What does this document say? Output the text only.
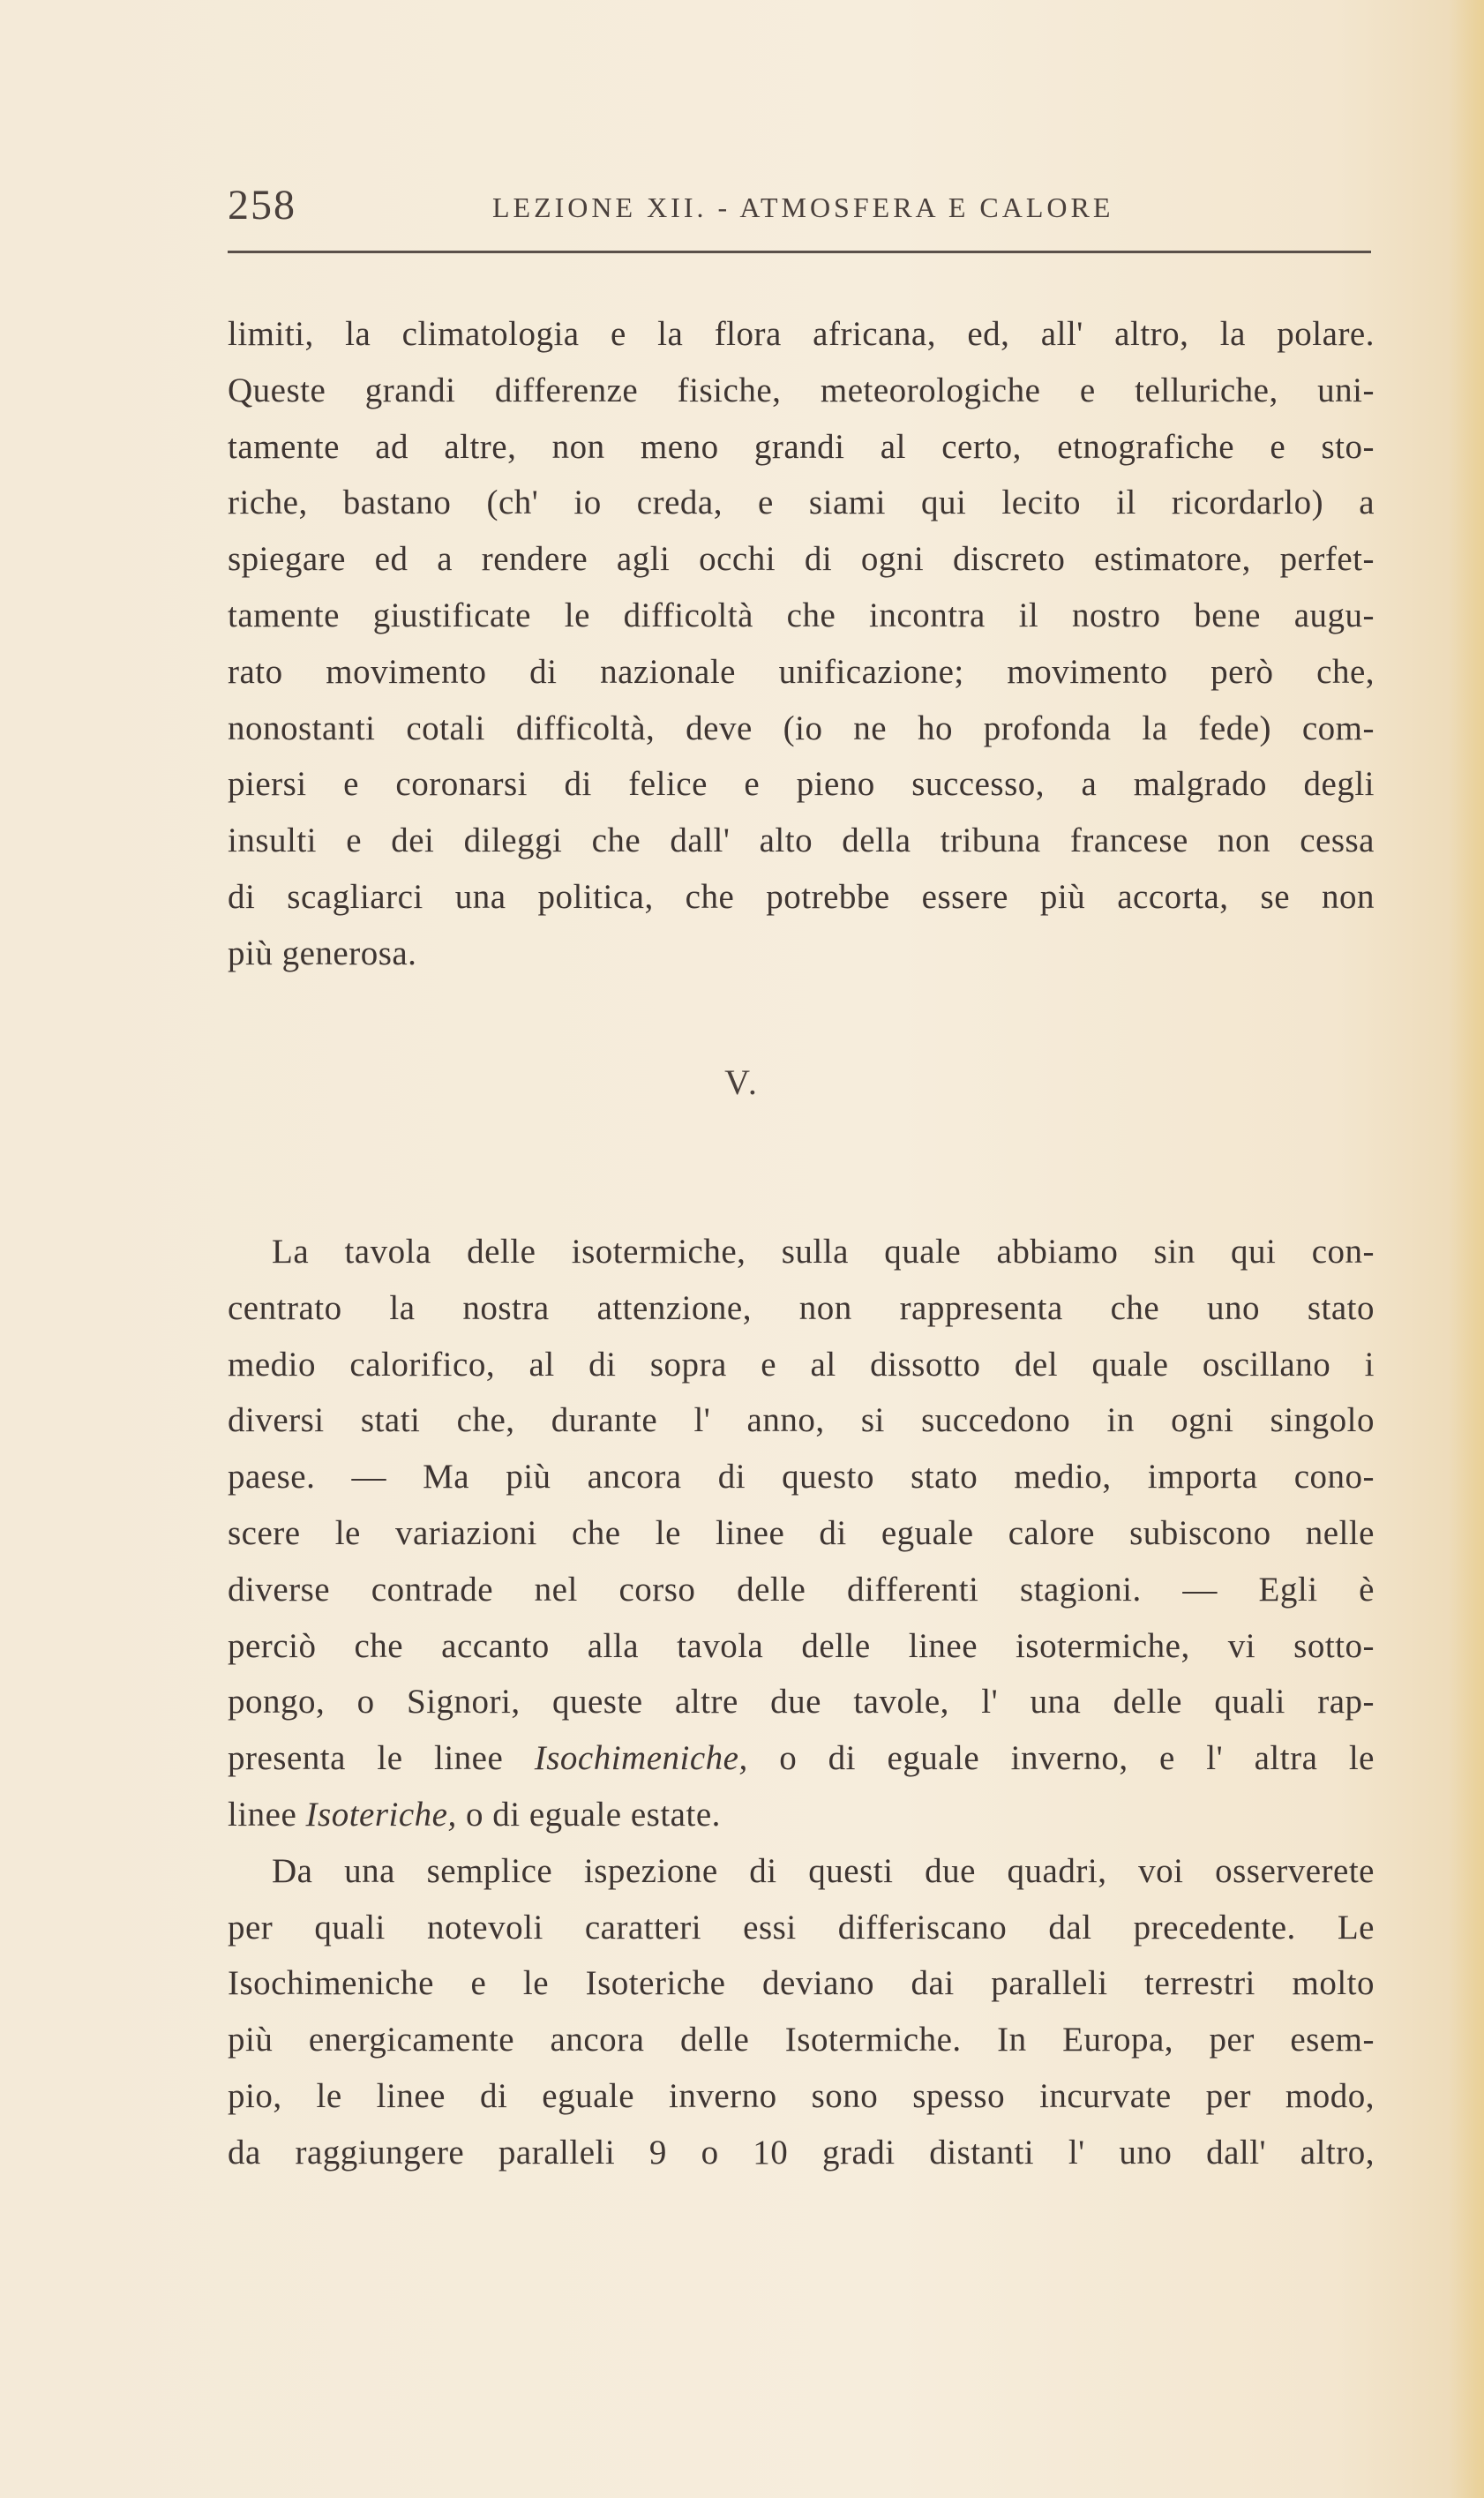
258	LEZIONE XII. - ATMOSFERA E CALORE
limiti, la climatologia e la flora africana, ed, all' altro, la polare.
Queste grandi differenze fisiche, meteorologiche e telluriche, uni-
tamente ad altre, non meno grandi al certo, etnografiche e sto-
riche, bastano (ch' io creda, e siami qui lecito il ricordarlo) a
spiegare ed a rendere agli occhi di ogni discreto estimatore, perfet-
tamente giustificate le difficoltà che incontra il nostro bene augu-
rato movimento di nazionale unificazione; movimento però che,
nonostanti cotali difficoltà, deve (io ne ho profonda la fede) com-
piersi e coronarsi di felice e pieno successo, a malgrado degli
insulti e dei dileggi che dall' alto della tribuna francese non cessa
di scagliarci una politica, che potrebbe essere più accorta, se non
più generosa.
V.
La tavola delle isotermiche, sulla quale abbiamo sin qui con-
centrato la nostra attenzione, non rappresenta che uno stato
medio calorifico, al di sopra e al dissotto del quale oscillano i
diversi stati che, durante l' anno, si succedono in ogni singolo
paese. — Ma più ancora di questo stato medio, importa cono-
scere le variazioni che le linee di eguale calore subiscono nelle
diverse contrade nel corso delle differenti stagioni. — Egli è
perciò che accanto alla tavola delle linee isotermiche, vi sotto-
pongo, o Signori, queste altre due tavole, l' una delle quali rap-
presenta le linee Isochimeniche, o di eguale inverno, e l' altra le
linee Isoteriche, o di eguale estate.
Da una semplice ispezione di questi due quadri, voi osserverete
per quali notevoli caratteri essi differiscano dal precedente. Le
Isochimeniche e le Isoteriche deviano dai paralleli terrestri molto
più energicamente ancora delle Isotermiche. In Europa, per esem-
pio, le linee di eguale inverno sono spesso incurvate per modo,
da raggiungere paralleli 9 o 10 gradi distanti l' uno dall' altro,
